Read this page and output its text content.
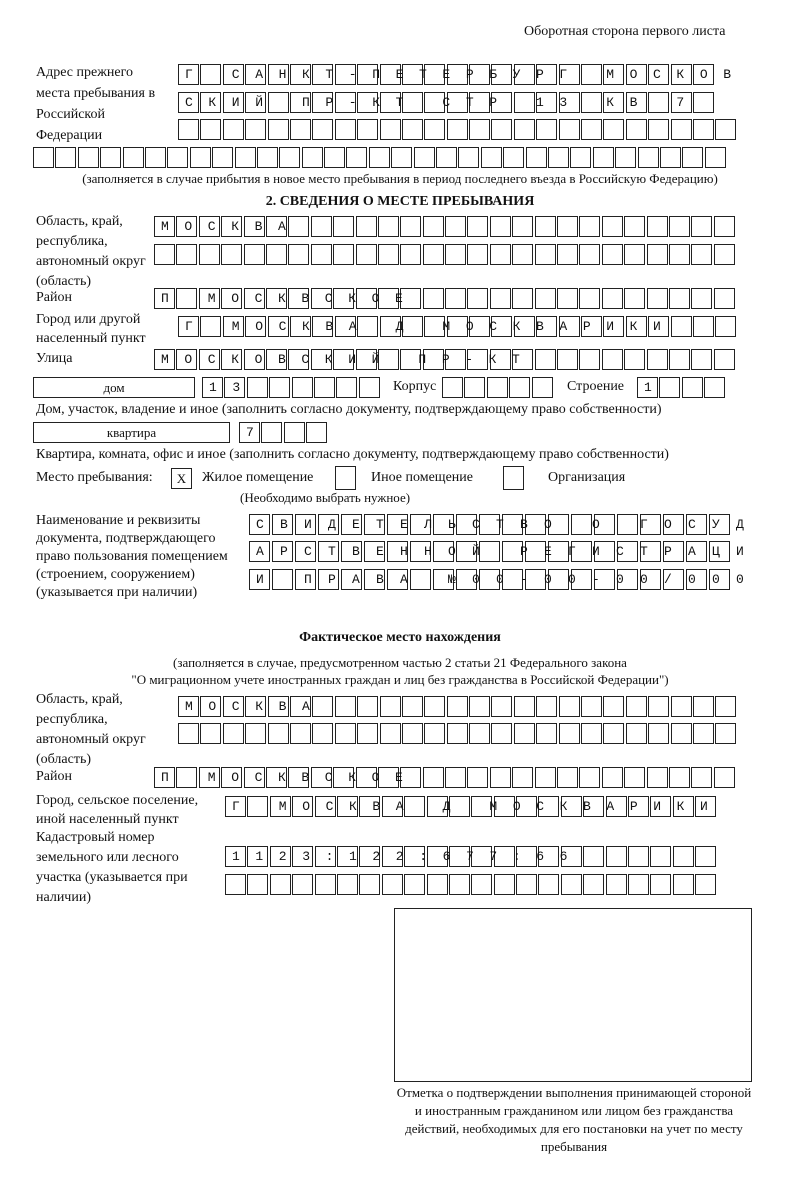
Оборотная сторона первого листа
Адрес прежнего места пребывания в Российской Федерации
Г САНКТ-ПЕТЕРБУРГ МОСКОВ
СКИЙ ПР-КТ СТР 13 КВ 7

(заполняется в случае прибытия в новое место пребывания в период последнего въезда в Российскую Федерацию)
2. СВЕДЕНИЯ О МЕСТЕ ПРЕБЫВАНИЯ
Область, край, республика, автономный округ (область)
МОСКВА

Район	П МОСКВСКОЕ
Город или другой населенный пункт
Г МОСКВА Д МОСКВАРИКИ
Улица	МОСКОВСКИЙ ПР-КТ
дом	13
Корпус
	Строение 1
Дом, участок, владение и иное (заполнить согласно документу, подтверждающему право собственности)
квартира	7
Квартира, комната, офис и иное (заполнить согласно документу, подтверждающему право собственности)
Место пребывания:	X	Жилое помещение	Иное помещение	Организация
(Необходимо выбрать нужное)
Наименование и реквизиты документа, подтверждающего право пользования помещением (строением, сооружением) (указывается при наличии)
СВИДЕТЕЛЬСТВО О ГОСУД
АРСТВЕННОЙ РЕГИСТРАЦИ
И ПРАВА №00-00-00/000
Фактическое место нахождения
(заполняется в случае, предусмотренном частью 2 статьи 21 Федерального закона
"О миграционном учете иностранных граждан и лиц без гражданства в Российской Федерации")
Область, край, республика, автономный округ (область)
МОСКВА

Район	П МОСКВСКОЕ
Город, сельское поселение, иной населенный пункт
Г МОСКВА Д МОСКВАРИКИ
Кадастровый номер земельного или лесного участка (указывается при наличии)
1123:122:677:66

Отметка о подтверждении выполнения принимающей стороной и иностранным гражданином или лицом без гражданства действий, необходимых для его постановки на учет по месту пребывания
